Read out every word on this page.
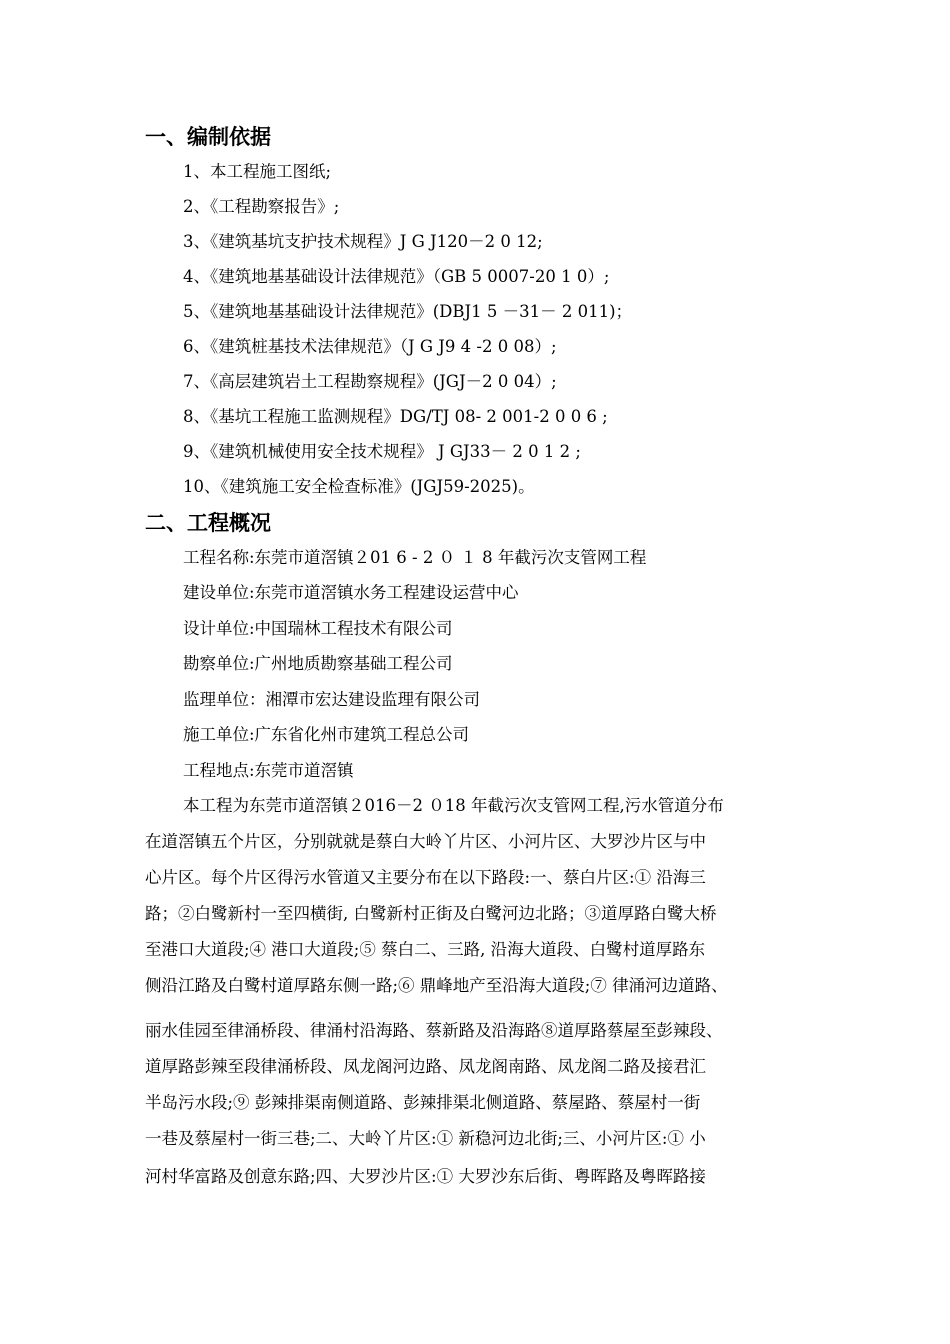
一、编制依据
1、本工程施工图纸;
2、《工程勘察报告》;
3、《建筑基坑支护技术规程》J G J120－2 0 12;
4、《建筑地基基础设计法律规范》（GB 5 0007-20 1 0）;
5、《建筑地基基础设计法律规范》(DBJ1 5 －31－ 2 011)；
6、《建筑桩基技术法律规范》（J G J9 4 -2 0 08）;
7、《高层建筑岩土工程勘察规程》(JGJ－2 0 04）;
8、《基坑工程施工监测规程》DG/TJ 08- 2 001-2 0 0 6 ;
9、《建筑机械使用安全技术规程》 J GJ33－ 2 0 1 2 ;
10、《建筑施工安全检查标准》(JGJ59-2025)。
二、工程概况
工程名称:东莞市道滘镇２01 6 - 2 ０ １ 8 年截污次支管网工程
建设单位:东莞市道滘镇水务工程建设运营中心
设计单位:中国瑞林工程技术有限公司
勘察单位:广州地质勘察基础工程公司
监理单位：湘潭市宏达建设监理有限公司
施工单位:广东省化州市建筑工程总公司
工程地点:东莞市道滘镇
本工程为东莞市道滘镇２016－2 ０18 年截污次支管网工程,污水管道分布
在道滘镇五个片区，分别就就是蔡白大岭丫片区、小河片区、大罗沙片区与中
心片区。每个片区得污水管道又主要分布在以下路段:一、蔡白片区:① 沿海三
路；②白鹭新村一至四横街, 白鹭新村正街及白鹭河边北路；③道厚路白鹭大桥
至港口大道段;④ 港口大道段;⑤ 蔡白二、三路, 沿海大道段、白鹭村道厚路东
侧沿江路及白鹭村道厚路东侧一路;⑥ 鼎峰地产至沿海大道段;⑦ 律涌河边道路、
丽水佳园至律涌桥段、律涌村沿海路、蔡新路及沿海路⑧道厚路蔡屋至彭辣段、
道厚路彭辣至段律涌桥段、凤龙阁河边路、凤龙阁南路、凤龙阁二路及接君汇
半岛污水段;⑨ 彭辣排渠南侧道路、彭辣排渠北侧道路、蔡屋路、蔡屋村一街
一巷及蔡屋村一街三巷;二、大岭丫片区:① 新稳河边北街;三、小河片区:① 小
河村华富路及创意东路;四、大罗沙片区:① 大罗沙东后街、粤晖路及粤晖路接
